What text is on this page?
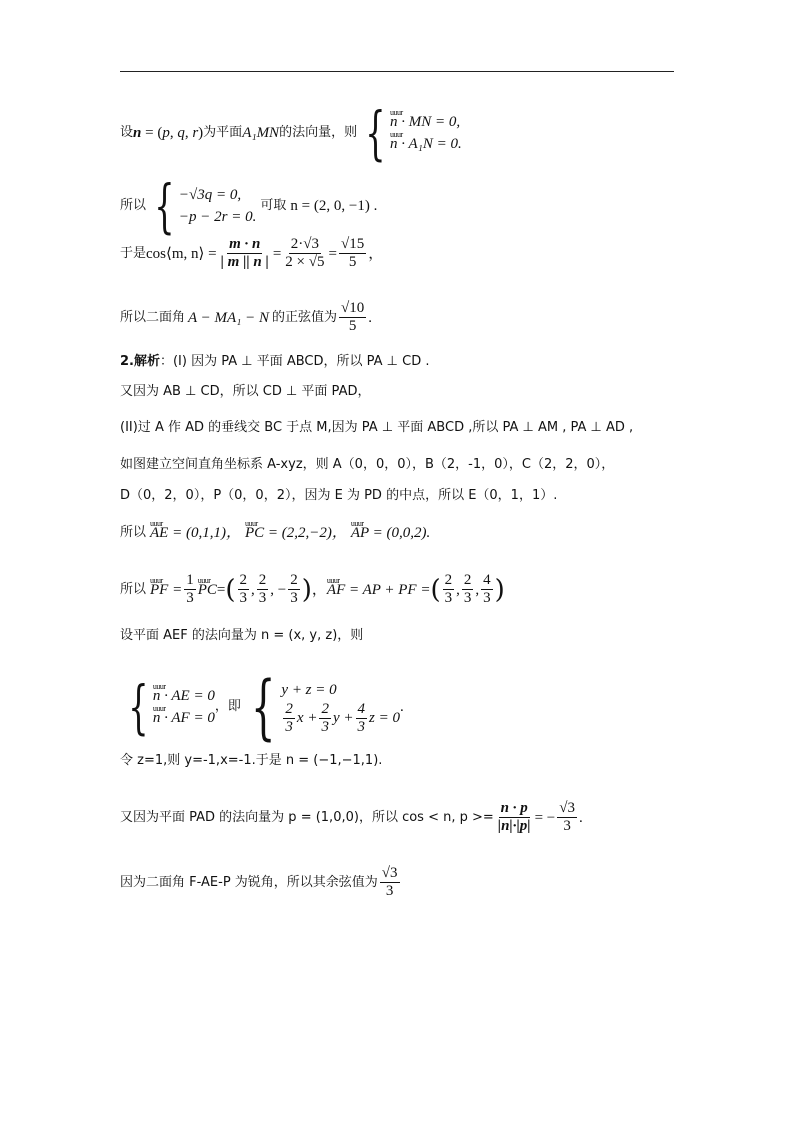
设 n = (p, q, r) 为平面 A₁MN 的法向量，则 { uuur n · MN = 0,
uuur n · A₁N = 0.
所以 { −√3q = 0,
−p − 2r = 0.
可取 n = (2, 0, −1) .
于是 cos⟨m, n⟩ = $\frac{m \cdot n}{| m || n |} = \frac{2\cdot√3}{2 \times √5} = \frac{√15}{5}$ ，
所以二面角 A − MA₁ − N 的正弦值为 $\frac{√10}{5}$ .
2.解析 ：(I) 因为 PA ⊥ 平面 ABCD，所以 PA ⊥ CD .
又因为 AB ⊥ CD，所以 CD ⊥ 平面 PAD，
(II)过 A 作 AD 的垂线交 BC 于点 M,因为 PA ⊥ 平面 ABCD ,所以 PA ⊥ AM , PA ⊥ AD ,
如图建立空间直角坐标系 A-xyz，则 A（0，0，0），B（2，-1，0），C（2，2，0），
D（0，2，0），P（0，0，2），因为 E 为 PD 的中点，所以 E（0，1，1）.
所以 uuur AE = (0,1,1)， uuur PC = (2,2,−2)， uuur AP = (0,0,2).
所以 uuur PF = $\frac{1}{3}$ uuur PC = ( $\frac{2}{3}$ , $\frac{2}{3}$ , − $\frac{2}{3}$ ) ， uuur AF = AP + PF = ( $\frac{2}{3}$ , $\frac{2}{3}$ , $\frac{4}{3}$ )
设平面 AEF 的法向量为 n = (x, y, z)，则
{ uuur n · AE = 0
uuur n · AF = 0
，即 { y + z = 0
$\frac{2}{3}$ $x + \frac{2}{3}$ $y + \frac{4}{3}$ z = 0
.
令 z=1,则 y=-1,x=-1.于是 n = (−1,−1,1).
又因为平面 PAD 的法向量为 p = (1,0,0)，所以 cos < n, $p >= \frac{n \cdot p}{|n|\cdot|p|}$ = − $\frac{√3}{3}$ .
因为二面角 F-AE-P 为锐角，所以其余弦值为 $\frac{√3}{3}$
